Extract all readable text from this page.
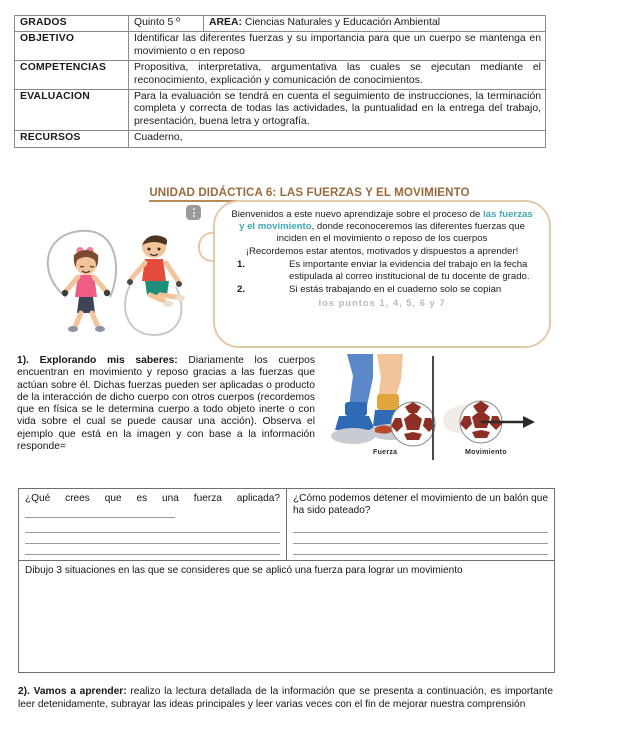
GRADOS	Quinto 5 º	AREA: Ciencias Naturales y Educación Ambiental
OBJETIVO	Identificar las diferentes fuerzas y su importancia para que un cuerpo se mantenga en movimiento o en reposo	
COMPETENCIAS	Propositiva, interpretativa, argumentativa las cuales se ejecutan mediante el reconocimiento, explicación y comunicación de conocimientos.	
EVALUACION	Para la evaluación se tendrá en cuenta el seguimiento de instrucciones, la terminación completa y correcta de todas las actividades, la puntualidad en la entrega del trabajo, presentación, buena letra y ortografía.	
RECURSOS	Cuaderno,	
UNIDAD DIDÁCTICA 6: LAS FUERZAS Y EL MOVIMIENTO
Bienvenidos a este nuevo aprendizaje sobre el proceso de las fuerzas y el movimiento, donde reconoceremos las diferentes fuerzas que inciden en el movimiento o reposo de los cuerpos
¡Recordemos estar atentos, motivados y dispuestos a aprender!
1.	Es importante enviar la evidencia del trabajo en la fecha estipulada al correo institucional de tu docente de grado.
2.	Si estás trabajando en el cuaderno solo se copian
los puntos 1, 4, 5, 6 y 7
1). Explorando mis saberes: Diariamente los cuerpos encuentran en movimiento y reposo gracias a las fuerzas que actúan sobre él. Dichas fuerzas pueden ser aplicadas o producto de la interacción de dicho cuerpo con otros cuerpos (recordemos que en física se le determina cuerpo a todo objeto inerte o con vida sobre el cual se puede causar una acción). Observa el ejemplo que está en la imagen y con base a la información responde=
Fuerza	Movimiento
¿Qué crees que es una fuerza aplicada?	¿Cómo podemos detener el movimiento de un balón que ha sido pateado?

Dibujo 3 situaciones en las que se consideres que se aplicó una fuerza para lograr un movimiento
2). Vamos a aprender: realizo la lectura detallada de la información que se presenta a continuación, es importante leer detenidamente, subrayar las ideas principales y leer varias veces con el fin de mejorar nuestra comprensión
